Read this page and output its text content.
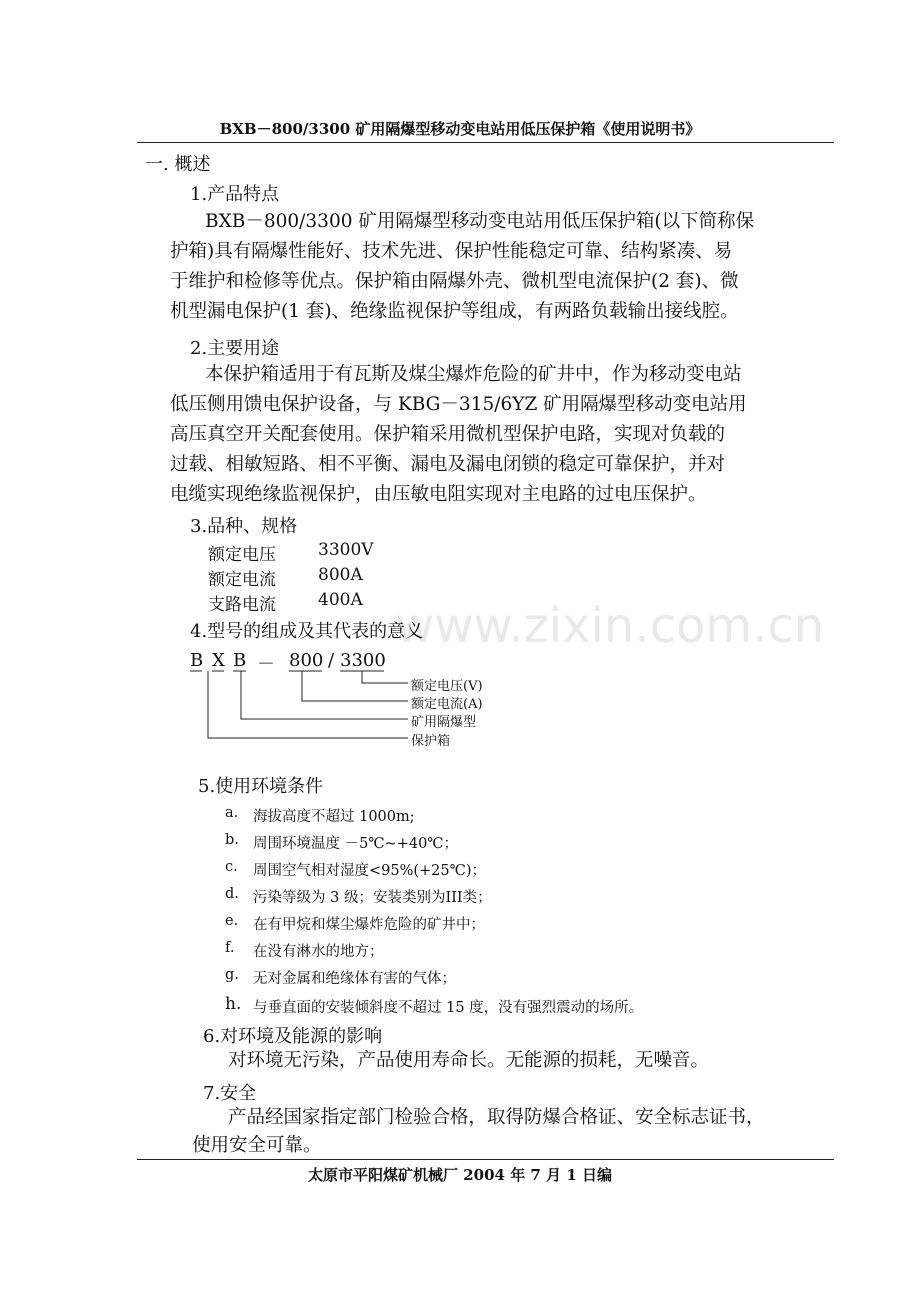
www.zixin.com.cn
BXB－800/3300 矿用隔爆型移动变电站用低压保护箱《使用说明书》
一. 概述
1.产品特点
BXB－800/3300 矿用隔爆型移动变电站用低压保护箱(以下简称保
护箱)具有隔爆性能好、技术先进、保护性能稳定可靠、结构紧凑、易
于维护和检修等优点。保护箱由隔爆外壳、微机型电流保护(2 套)、微
机型漏电保护(1 套)、绝缘监视保护等组成，有两路负载输出接线腔。
2.主要用途
本保护箱适用于有瓦斯及煤尘爆炸危险的矿井中，作为移动变电站
低压侧用馈电保护设备，与 KBG－315/6YZ 矿用隔爆型移动变电站用
高压真空开关配套使用。保护箱采用微机型保护电路，实现对负载的
过载、相敏短路、相不平衡、漏电及漏电闭锁的稳定可靠保护，并对
电缆实现绝缘监视保护，由压敏电阻实现对主电路的过电压保护。
3.品种、规格
额定电压 3300V
额定电流 800A
支路电流 400A
4.型号的组成及其代表的意义
B X B － 800 / 3300
额定电压(V)
额定电流(A)
矿用隔爆型
保护箱
5.使用环境条件
a. 海拔高度不超过 1000m;
b. 周围环境温度 －5℃~+40℃；
c. 周围空气相对湿度<95%(+25℃)；
d. 污染等级为 3 级；安装类别为III类；
e. 在有甲烷和煤尘爆炸危险的矿井中；
f. 在没有淋水的地方；
g. 无对金属和绝缘体有害的气体；
h. 与垂直面的安装倾斜度不超过 15 度，没有强烈震动的场所。
6.对环境及能源的影响
对环境无污染，产品使用寿命长。无能源的损耗，无噪音。
7.安全
产品经国家指定部门检验合格，取得防爆合格证、安全标志证书，
使用安全可靠。
太原市平阳煤矿机械厂 2004 年 7 月 1 日编
